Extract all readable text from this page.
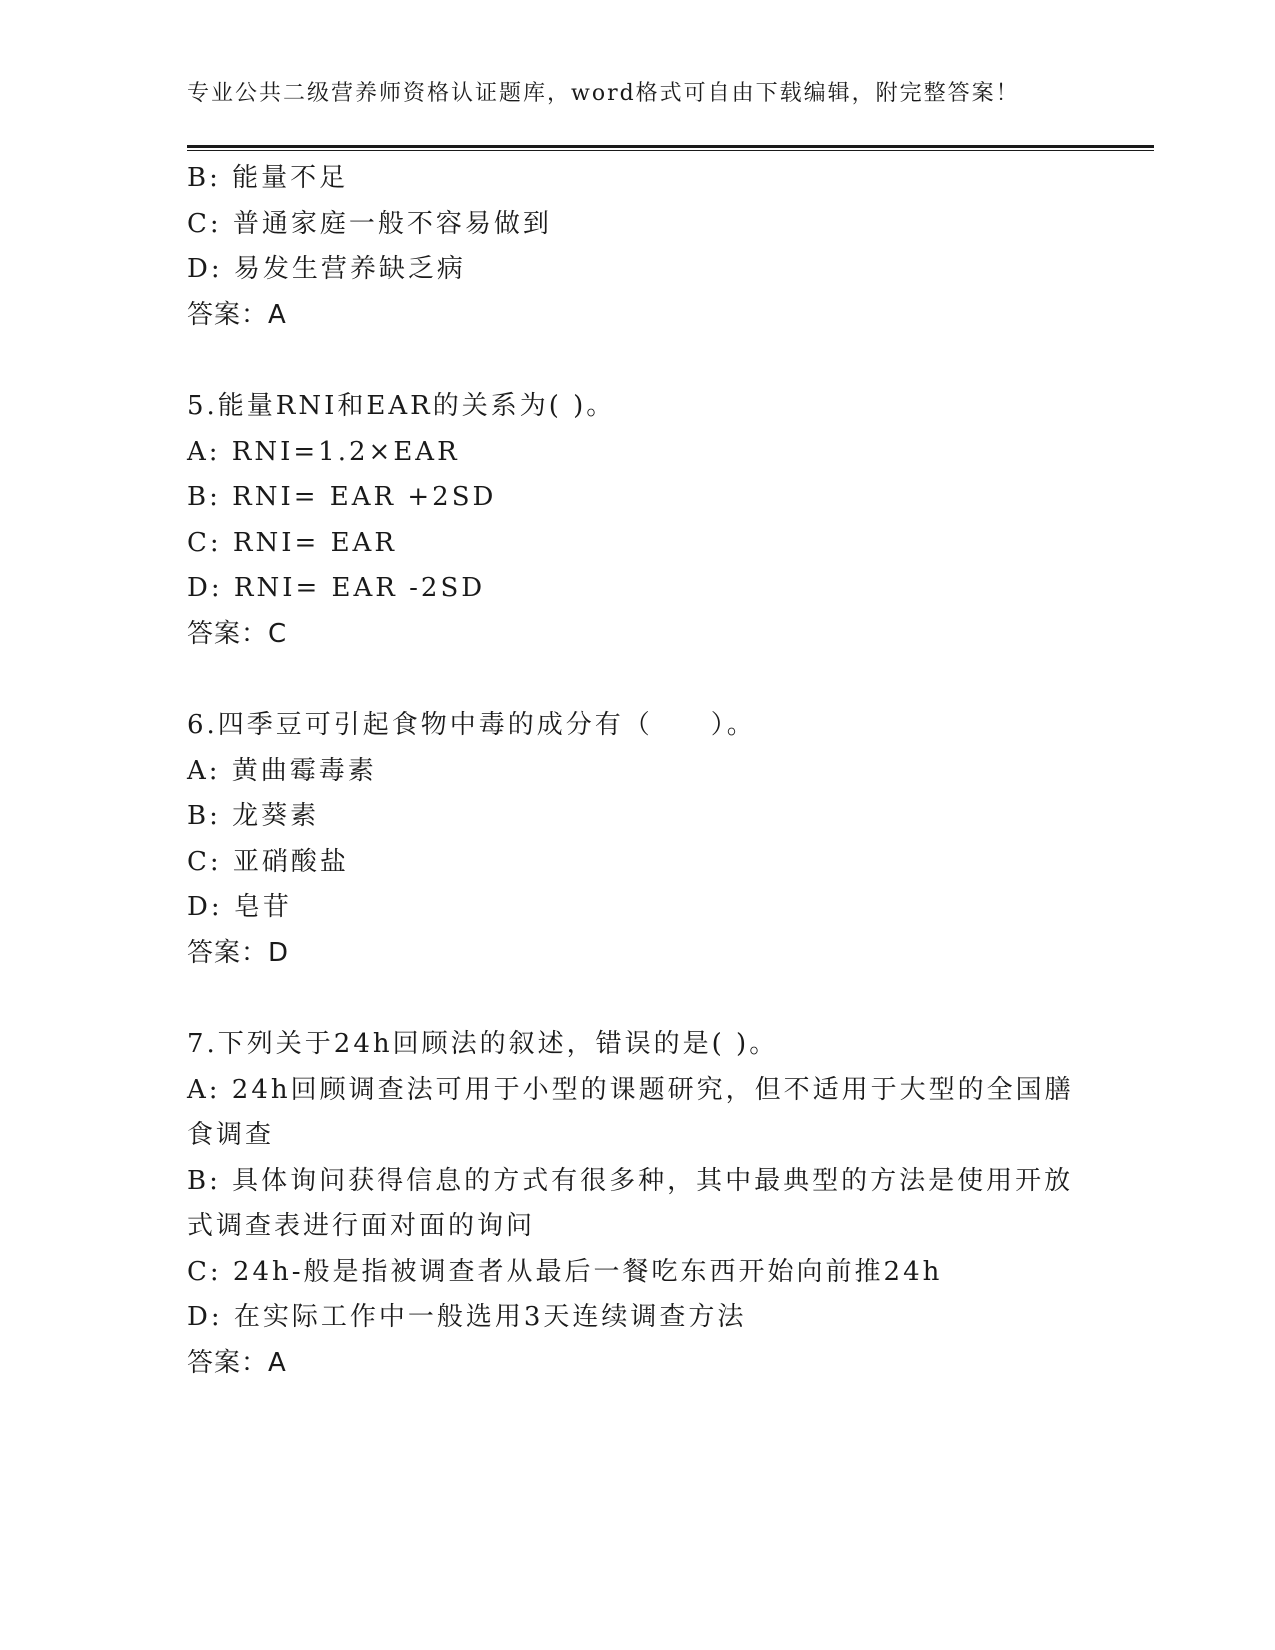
专业公共二级营养师资格认证题库，word格式可自由下载编辑，附完整答案！
B: 能量不足
C: 普通家庭一般不容易做到
D: 易发生营养缺乏病
答案：A
5.能量RNI和EAR的关系为( )。
A: RNI=1.2×EAR
B: RNI= EAR +2SD
C: RNI= EAR
D: RNI= EAR -2SD
答案：C
6.四季豆可引起食物中毒的成分有（　　）。
A: 黄曲霉毒素
B: 龙葵素
C: 亚硝酸盐
D: 皂苷
答案：D
7.下列关于24h回顾法的叙述，错误的是( )。
A: 24h回顾调查法可用于小型的课题研究，但不适用于大型的全国膳食调查
B: 具体询问获得信息的方式有很多种，其中最典型的方法是使用开放式调查表进行面对面的询问
C: 24h-般是指被调查者从最后一餐吃东西开始向前推24h
D: 在实际工作中一般选用3天连续调查方法
答案：A
